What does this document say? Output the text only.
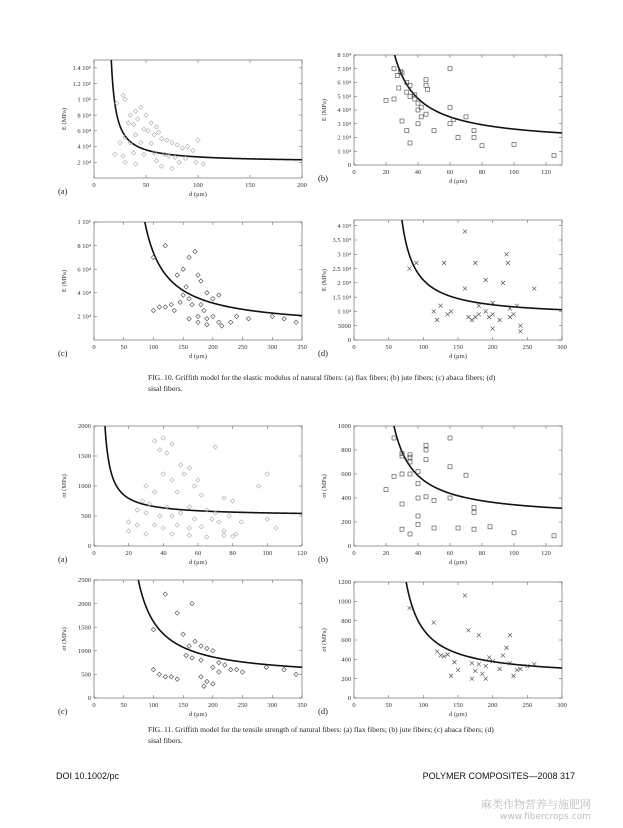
0	50	100	150	200
2 10⁴
4 10⁴
6 10⁴
8 10⁴
1 10⁵
1.2 10⁵
1.4 10⁵
d (μm)
E (MPa)
(a)
0	20	40	60	80	100	120
0
1 10⁴
2 10⁴
3 10⁴
4 10⁴
5 10⁴
6 10⁴
7 10⁴
8 10⁴
d (μm)
E (MPa)
(b)
0	50	100	150	200	250	300	350
2 10⁴
4 10⁴
6 10⁴
8 10⁴
1 10⁵
d (μm)
E (MPa)
(c)
0	50	100	150	200	250	300
0
5000
1 10⁴
1.5 10⁴
2 10⁴
2.5 10⁴
3 10⁴
3.5 10⁴
4 10⁴
d (μm)
E (MPa)
(d)
0	20	40	60	80	100	120
0
500
1000
1500
2000
d (μm)
σt (MPa)
(a)
0	20	40	60	80	100	120
0
200
400
600
800
1000
d (μm)
σt (MPa)
(b)
0	50	100	150	200	250	300	350
0
500
1000
1500
2000
2500
d (μm)
σt (MPa)
(c)
0	50	100	150	200	250	300
0
200
400
600
800
1000
1200
d (μm)
σt (MPa)
(d)

FIG. 10. Griffith model for the elastic modulus of natural fibers: (a) flax fibers; (b) jute fibers; (c) abaca fibers; (d) sisal fibers.

FIG. 11. Griffith model for the tensile strength of natural fibers: (a) flax fibers; (b) jute fibers; (c) abaca fibers; (d) sisal fibers.

DOI 10.1002/pc	POLYMER COMPOSITES—2008 317
麻类作物营养与施肥网
www.fibercrops.com
